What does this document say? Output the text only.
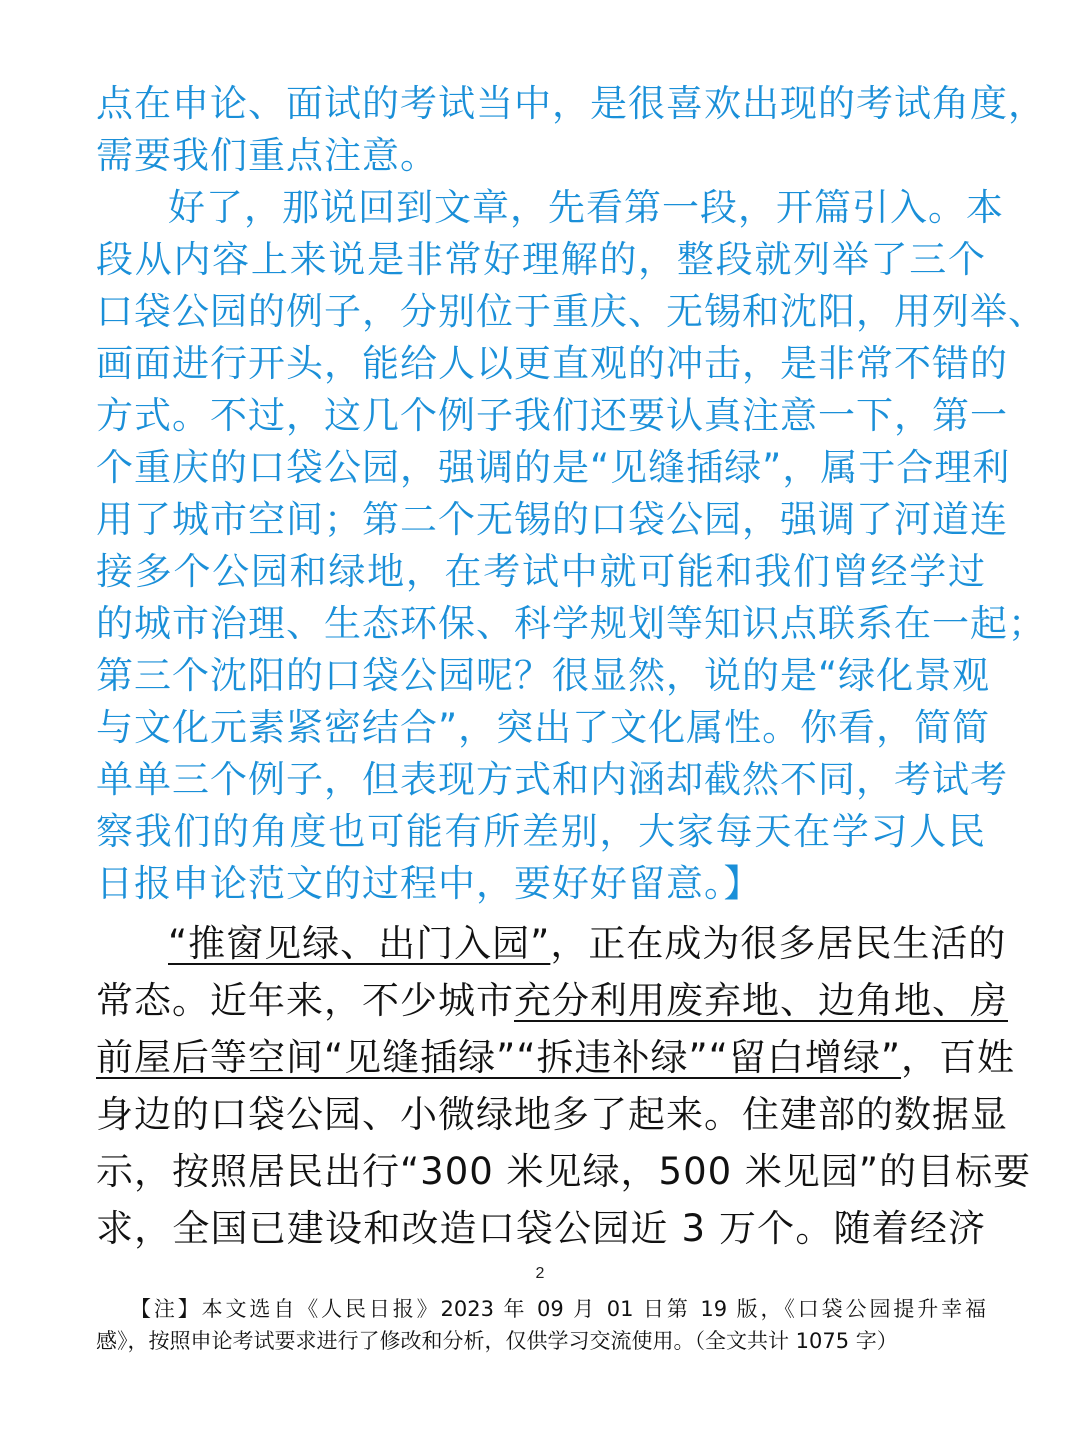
点在申论、面试的考试当中，是很喜欢出现的考试角度，
需要我们重点注意。
好了，那说回到文章，先看第一段，开篇引入。本
段从内容上来说是非常好理解的，整段就列举了三个
口袋公园的例子，分别位于重庆、无锡和沈阳，用列举、
画面进行开头，能给人以更直观的冲击，是非常不错的
方式。不过，这几个例子我们还要认真注意一下，第一
个重庆的口袋公园，强调的是“见缝插绿”，属于合理利
用了城市空间；第二个无锡的口袋公园，强调了河道连
接多个公园和绿地，在考试中就可能和我们曾经学过
的城市治理、生态环保、科学规划等知识点联系在一起；
第三个沈阳的口袋公园呢？很显然，说的是“绿化景观
与文化元素紧密结合”，突出了文化属性。你看，简简
单单三个例子，但表现方式和内涵却截然不同，考试考
察我们的角度也可能有所差别，大家每天在学习人民
日报申论范文的过程中，要好好留意。】
“推窗见绿、出门入园”，正在成为很多居民生活的
常态。近年来，不少城市充分利用废弃地、边角地、房
前屋后等空间“见缝插绿”“拆违补绿”“留白增绿”，百姓
身边的口袋公园、小微绿地多了起来。住建部的数据显
示，按照居民出行“300 米见绿，500 米见园”的目标要
求，全国已建设和改造口袋公园近 3 万个。随着经济
2
【注】本文选自《人民日报》2023 年 09 月 01 日第 19 版，《口袋公园提升幸福
感》，按照申论考试要求进行了修改和分析，仅供学习交流使用。（全文共计 1075 字）
